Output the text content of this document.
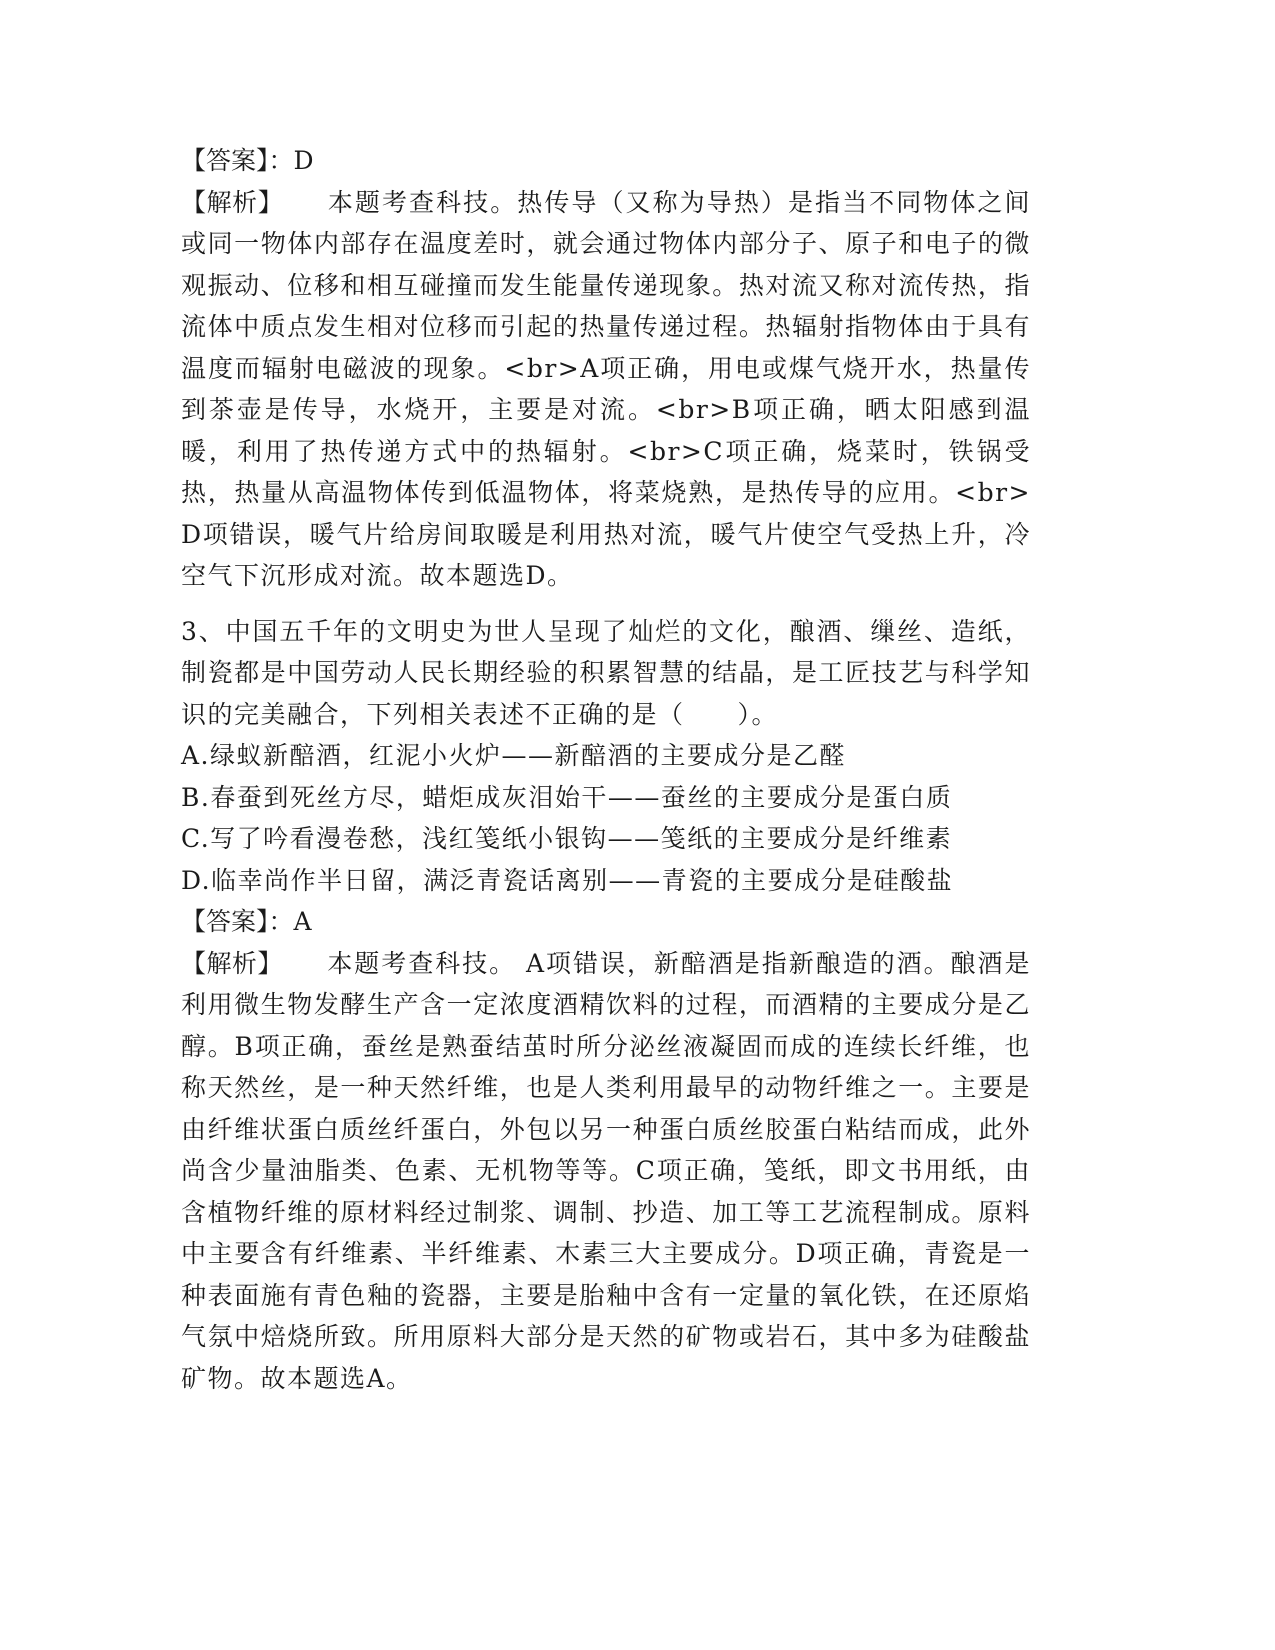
【答案】：D

【解析】 本题考查科技。热传导（又称为导热）是指当不同物体之间或同一物体内部存在温度差时，就会通过物体内部分子、原子和电子的微观振动、位移和相互碰撞而发生能量传递现象。热对流又称对流传热，指流体中质点发生相对位移而引起的热量传递过程。热辐射指物体由于具有温度而辐射电磁波的现象。<br>A项正确，用电或煤气烧开水，热量传到茶壶是传导，水烧开，主要是对流。<br>B项正确，晒太阳感到温暖，利用了热传递方式中的热辐射。<br>C项正确，烧菜时，铁锅受热，热量从高温物体传到低温物体，将菜烧熟，是热传导的应用。<br>D项错误，暖气片给房间取暖是利用热对流，暖气片使空气受热上升，冷空气下沉形成对流。故本题选D。

3、中国五千年的文明史为世人呈现了灿烂的文化，酿酒、缫丝、造纸，制瓷都是中国劳动人民长期经验的积累智慧的结晶，是工匠技艺与科学知识的完美融合，下列相关表述不正确的是（　　）。

A.绿蚁新醅酒，红泥小火炉——新醅酒的主要成分是乙醛

B.春蚕到死丝方尽，蜡炬成灰泪始干——蚕丝的主要成分是蛋白质

C.写了吟看漫卷愁，浅红笺纸小银钩——笺纸的主要成分是纤维素

D.临幸尚作半日留，满泛青瓷话离别——青瓷的主要成分是硅酸盐

【答案】：A

【解析】 本题考查科技。 A项错误，新醅酒是指新酿造的酒。酿酒是利用微生物发酵生产含一定浓度酒精饮料的过程，而酒精的主要成分是乙醇。B项正确，蚕丝是熟蚕结茧时所分泌丝液凝固而成的连续长纤维，也称天然丝，是一种天然纤维，也是人类利用最早的动物纤维之一。主要是由纤维状蛋白质丝纤蛋白，外包以另一种蛋白质丝胶蛋白粘结而成，此外尚含少量油脂类、色素、无机物等等。C项正确，笺纸，即文书用纸，由含植物纤维的原材料经过制浆、调制、抄造、加工等工艺流程制成。原料中主要含有纤维素、半纤维素、木素三大主要成分。D项正确，青瓷是一种表面施有青色釉的瓷器，主要是胎釉中含有一定量的氧化铁，在还原焰气氛中焙烧所致。所用原料大部分是天然的矿物或岩石，其中多为硅酸盐矿物。故本题选A。
